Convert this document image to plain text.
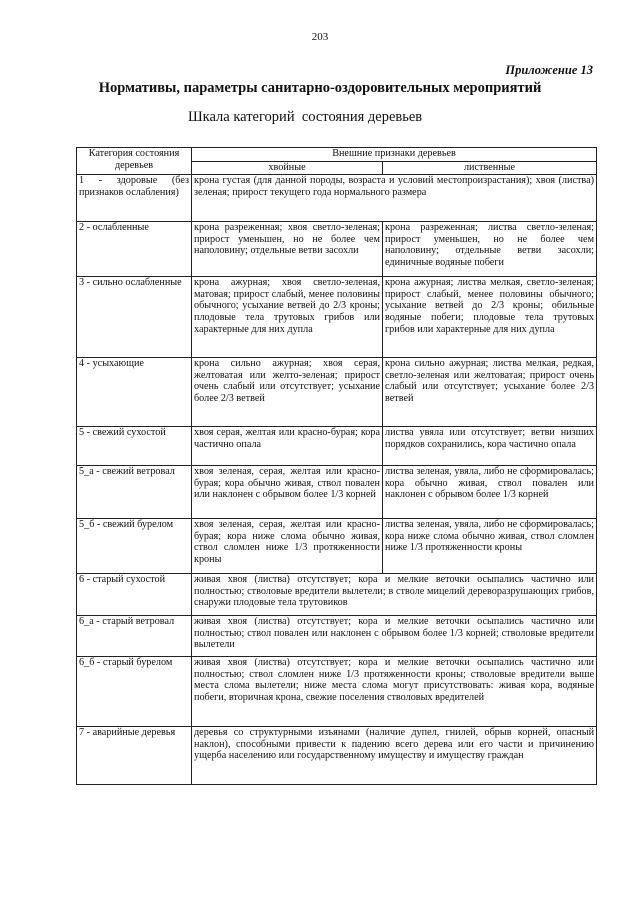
203
Приложение 13
Нормативы, параметры санитарно-оздоровительных мероприятий
Шкала категорий  состояния деревьев
Категория состояния деревьев	Внешние признаки деревьев	
	хвойные	лиственные
1 - здоровые (без признаков ослабления)	крона густая (для данной породы, возраста и условий местопроизрастания); хвоя (листва) зеленая; прирост текущего года нормального размера	
2 - ослабленные	крона разреженная; хвоя светло-зеленая; прирост уменьшен, но не более чем наполовину; отдельные ветви засохли	крона разреженная; листва светло-зеленая; прирост уменьшен, но не более чем наполовину; отдельные ветви засохли; единичные водяные побеги
3 - сильно ослабленные	крона ажурная; хвоя светло-зеленая, матовая; прирост слабый, менее половины обычного; усыхание ветвей до 2/3 кроны; плодовые тела трутовых грибов или характерные для них дупла	крона ажурная; листва мелкая, светло-зеленая; прирост слабый, менее половины обычного; усыхание ветвей до 2/3 кроны; обильные водяные побеги; плодовые тела трутовых грибов или характерные для них дупла
4 - усыхающие	крона сильно ажурная; хвоя серая, желтоватая или желто-зеленая; прирост очень слабый или отсутствует; усыхание более 2/3 ветвей	крона сильно ажурная; листва мелкая, редкая, светло-зеленая или желтоватая; прирост очень слабый или отсутствует; усыхание более 2/3 ветвей
5 - свежий сухостой	хвоя серая, желтая или красно-бурая; кора частично опала	листва увяла или отсутствует; ветви низших порядков сохранились, кора частично опала
5_а - свежий ветровал	хвоя зеленая, серая, желтая или красно-бурая; кора обычно живая, ствол повален или наклонен с обрывом более 1/3 корней	листва зеленая, увяла, либо не сформировалась; кора обычно живая, ствол повален или наклонен с обрывом более 1/3 корней
5_б - свежий бурелом	хвоя зеленая, серая, желтая или красно-бурая; кора ниже слома обычно живая, ствол сломлен ниже 1/3 протяженности кроны	листва зеленая, увяла, либо не сформировалась; кора ниже слома обычно живая, ствол сломлен ниже 1/3 протяженности кроны
6 - старый сухостой	живая хвоя (листва) отсутствует; кора и мелкие веточки осыпались частично или полностью; стволовые вредители вылетели; в стволе мицелий дереворазрушающих грибов, снаружи плодовые тела трутовиков	
6_а - старый ветровал	живая хвоя (листва) отсутствует; кора и мелкие веточки осыпались частично или полностью; ствол повален или наклонен с обрывом более 1/3 корней; стволовые вредители вылетели	
6_б - старый бурелом	живая хвоя (листва) отсутствует; кора и мелкие веточки осыпались частично или полностью; ствол сломлен ниже 1/3 протяженности кроны; стволовые вредители выше места слома вылетели; ниже места слома могут присутствовать: живая кора, водяные побеги, вторичная крона, свежие поселения стволовых вредителей	
7 - аварийные деревья	деревья со структурными изъянами (наличие дупел, гнилей, обрыв корней, опасный наклон), способными привести к падению всего дерева или его части и причинению ущерба населению или государственному имуществу и имуществу граждан	
